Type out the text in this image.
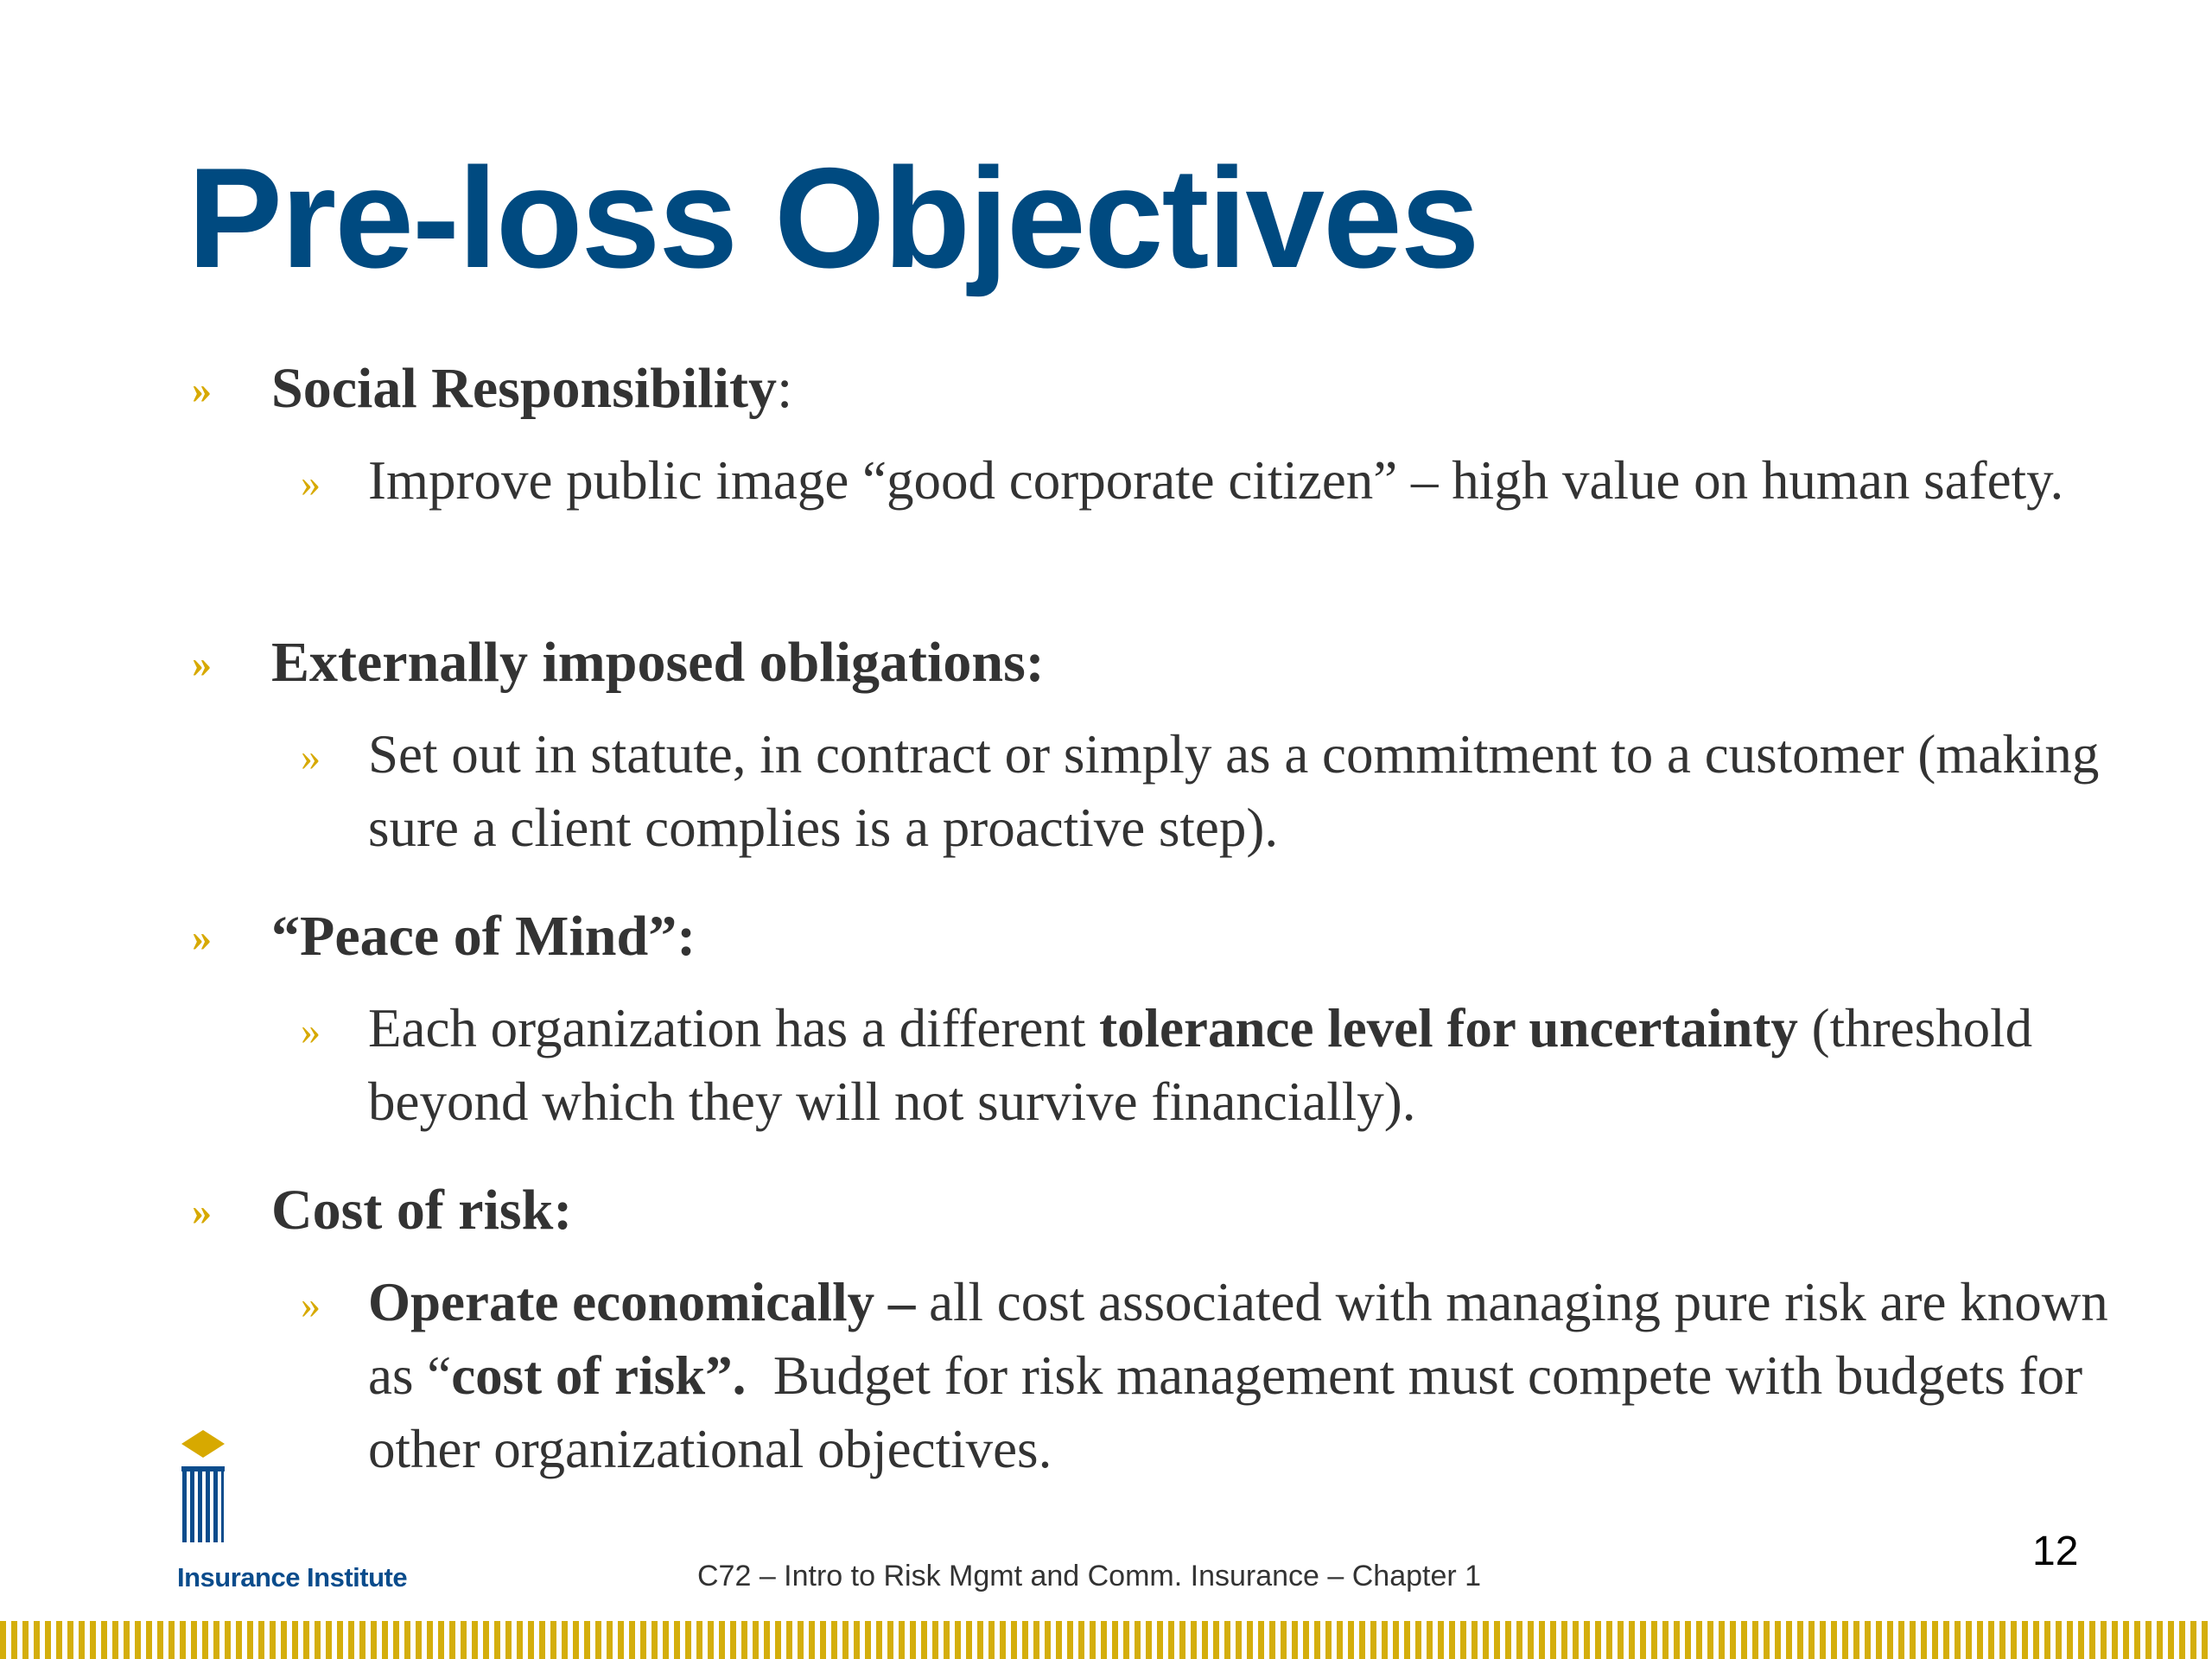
Pre-loss Objectives
» Social Responsibility:
» Improve public image “good corporate citizen” – high value on human safety.
» Externally imposed obligations:
» Set out in statute, in contract or simply as a commitment to a customer (making sure a client complies is a proactive step).
» “Peace of Mind”:
» Each organization has a different tolerance level for uncertainty (threshold beyond which they will not survive financially).
» Cost of risk:
» Operate economically – all cost associated with managing pure risk are known as “cost of risk”.  Budget for risk management must compete with budgets for other organizational objectives.
Insurance Institute	C72 – Intro to Risk Mgmt and Comm. Insurance – Chapter 1
12
